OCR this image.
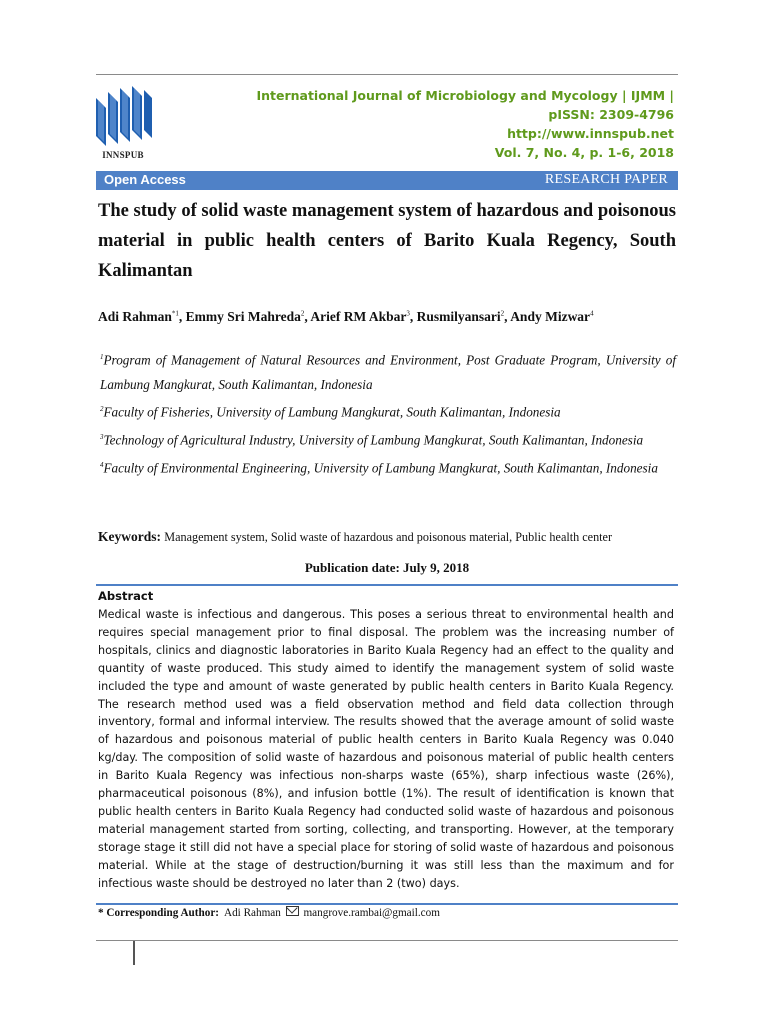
INNSPUB
International Journal of Microbiology and Mycology | IJMM |
pISSN: 2309-4796
http://www.innspub.net
Vol. 7, No. 4, p. 1-6, 2018
Open Access	RESEARCH PAPER
The study of solid waste management system of hazardous and poisonous material in public health centers of Barito Kuala Regency, South Kalimantan
Adi Rahman$^{*1}$, Emmy Sri Mahreda$^2$, Arief RM Akbar$^3$, Rusmilyansari$^2$, Andy Mizwar$^4$

$^1$Program of Management of Natural Resources and Environment, Post Graduate Program, University of Lambung Mangkurat, South Kalimantan, Indonesia

$^2$Faculty of Fisheries, University of Lambung Mangkurat, South Kalimantan, Indonesia

$^3$Technology of Agricultural Industry, University of Lambung Mangkurat, South Kalimantan, Indonesia

$^4$Faculty of Environmental Engineering, University of Lambung Mangkurat, South Kalimantan, Indonesia

Keywords: Management system, Solid waste of hazardous and poisonous material, Public health center
Publication date: July 9, 2018
Abstract
Medical waste is infectious and dangerous. This poses a serious threat to environmental health and requires special management prior to final disposal. The problem was the increasing number of hospitals, clinics and diagnostic laboratories in Barito Kuala Regency had an effect to the quality and quantity of waste produced. This study aimed to identify the management system of solid waste included the type and amount of waste generated by public health centers in Barito Kuala Regency. The research method used was a field observation method and field data collection through inventory, formal and informal interview. The results showed that the average amount of solid waste of hazardous and poisonous material of public health centers in Barito Kuala Regency was 0.040 kg/day. The composition of solid waste of hazardous and poisonous material of public health centers in Barito Kuala Regency was infectious non-sharps waste (65%), sharp infectious waste (26%), pharmaceutical poisonous (8%), and infusion bottle (1%). The result of identification is known that public health centers in Barito Kuala Regency had conducted solid waste of hazardous and poisonous material management started from sorting, collecting, and transporting. However, at the temporary storage stage it still did not have a special place for storing of solid waste of hazardous and poisonous material. While at the stage of destruction/burning it was still less than the maximum and for infectious waste should be destroyed no later than 2 (two) days.
* Corresponding Author: Adi Rahman mangrove.rambai@gmail.com
